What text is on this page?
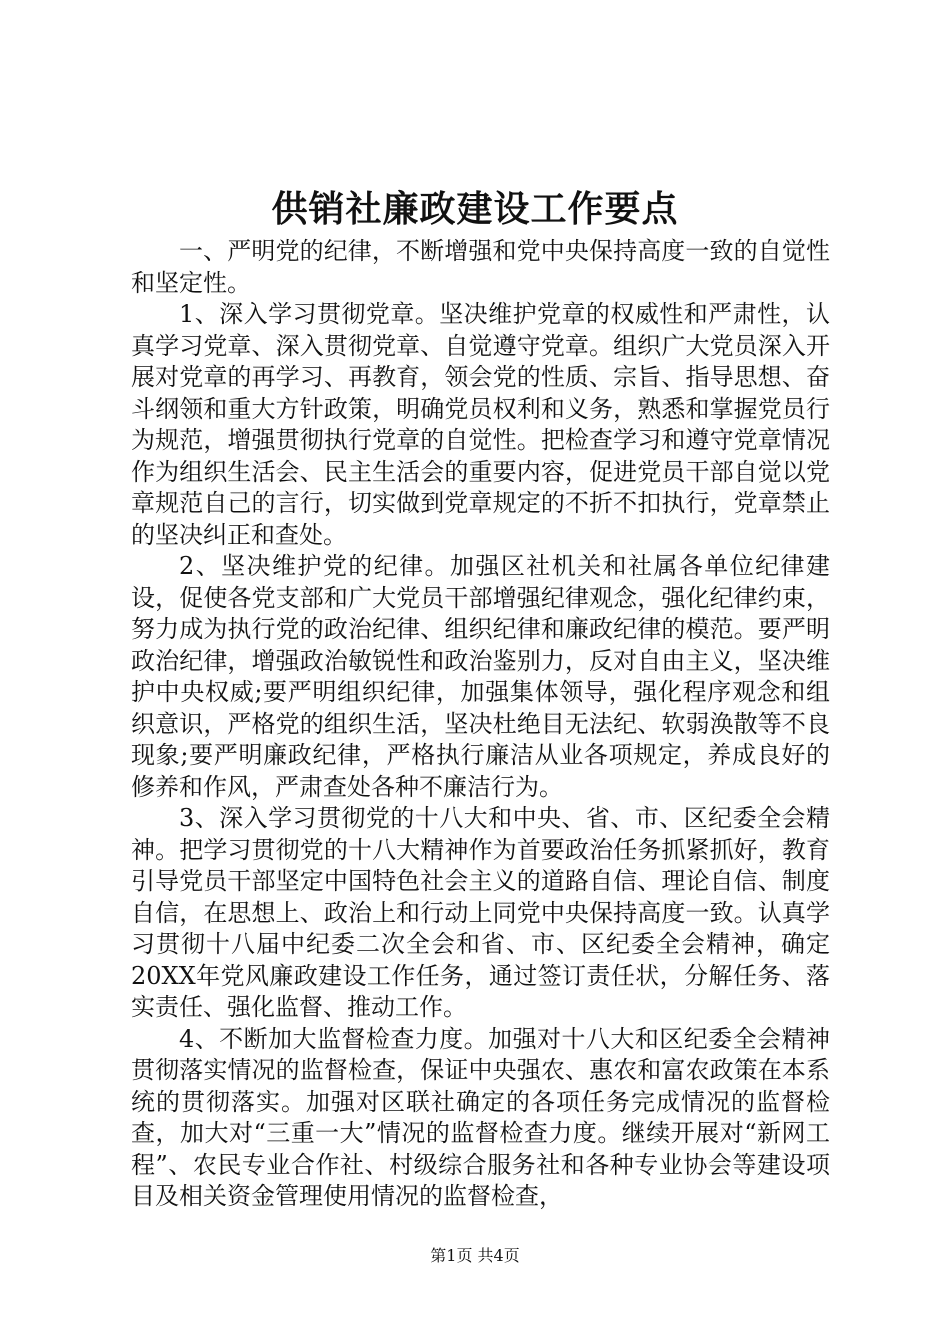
供销社廉政建设工作要点

一、严明党的纪律，不断增强和党中央保持高度一致的自觉性和坚定性。

1、深入学习贯彻党章。坚决维护党章的权威性和严肃性，认真学习党章、深入贯彻党章、自觉遵守党章。组织广大党员深入开展对党章的再学习、再教育，领会党的性质、宗旨、指导思想、奋斗纲领和重大方针政策，明确党员权利和义务，熟悉和掌握党员行为规范，增强贯彻执行党章的自觉性。把检查学习和遵守党章情况作为组织生活会、民主生活会的重要内容，促进党员干部自觉以党章规范自己的言行，切实做到党章规定的不折不扣执行，党章禁止的坚决纠正和查处。

2、坚决维护党的纪律。加强区社机关和社属各单位纪律建设，促使各党支部和广大党员干部增强纪律观念，强化纪律约束，努力成为执行党的政治纪律、组织纪律和廉政纪律的模范。要严明政治纪律，增强政治敏锐性和政治鉴别力，反对自由主义，坚决维护中央权威;要严明组织纪律，加强集体领导，强化程序观念和组织意识，严格党的组织生活，坚决杜绝目无法纪、软弱涣散等不良现象;要严明廉政纪律，严格执行廉洁从业各项规定，养成良好的修养和作风，严肃查处各种不廉洁行为。

3、深入学习贯彻党的十八大和中央、省、市、区纪委全会精神。把学习贯彻党的十八大精神作为首要政治任务抓紧抓好，教育引导党员干部坚定中国特色社会主义的道路自信、理论自信、制度自信，在思想上、政治上和行动上同党中央保持高度一致。认真学习贯彻十八届中纪委二次全会和省、市、区纪委全会精神，确定20XX年党风廉政建设工作任务，通过签订责任状，分解任务、落实责任、强化监督、推动工作。

4、不断加大监督检查力度。加强对十八大和区纪委全会精神贯彻落实情况的监督检查，保证中央强农、惠农和富农政策在本系统的贯彻落实。加强对区联社确定的各项任务完成情况的监督检查，加大对“三重一大”情况的监督检查力度。继续开展对“新网工程”、农民专业合作社、村级综合服务社和各种专业协会等建设项目及相关资金管理使用情况的监督检查，

第1页 共4页
